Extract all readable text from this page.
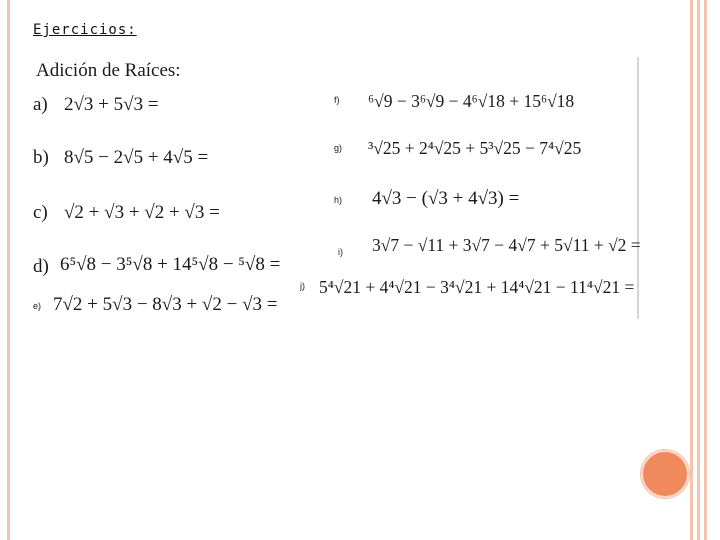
Ejercicios:
Adición de Raíces:
a) 2√3 + 5√3 =
b) 8√5 − 2√5 + 4√5 =
c) √2 + √3 + √2 + √3 =
d) 6⁵√8 − 3⁵√8 + 14⁵√8 − ⁵√8 =
e) 7√2 + 5√3 − 8√3 + √2 − √3 =
f) ⁶√9 − 3⁶√9 − 4⁶√18 + 15⁶√18
g) ³√25 + 2⁴√25 + 5³√25 − 7⁴√25
h) 4√3 − (√3 + 4√3) =
i) 3√7 − √11 + 3√7 − 4√7 + 5√11 + √2 =
j) 5⁴√21 + 4⁴√21 − 3⁴√21 + 14⁴√21 − 11⁴√21 =
